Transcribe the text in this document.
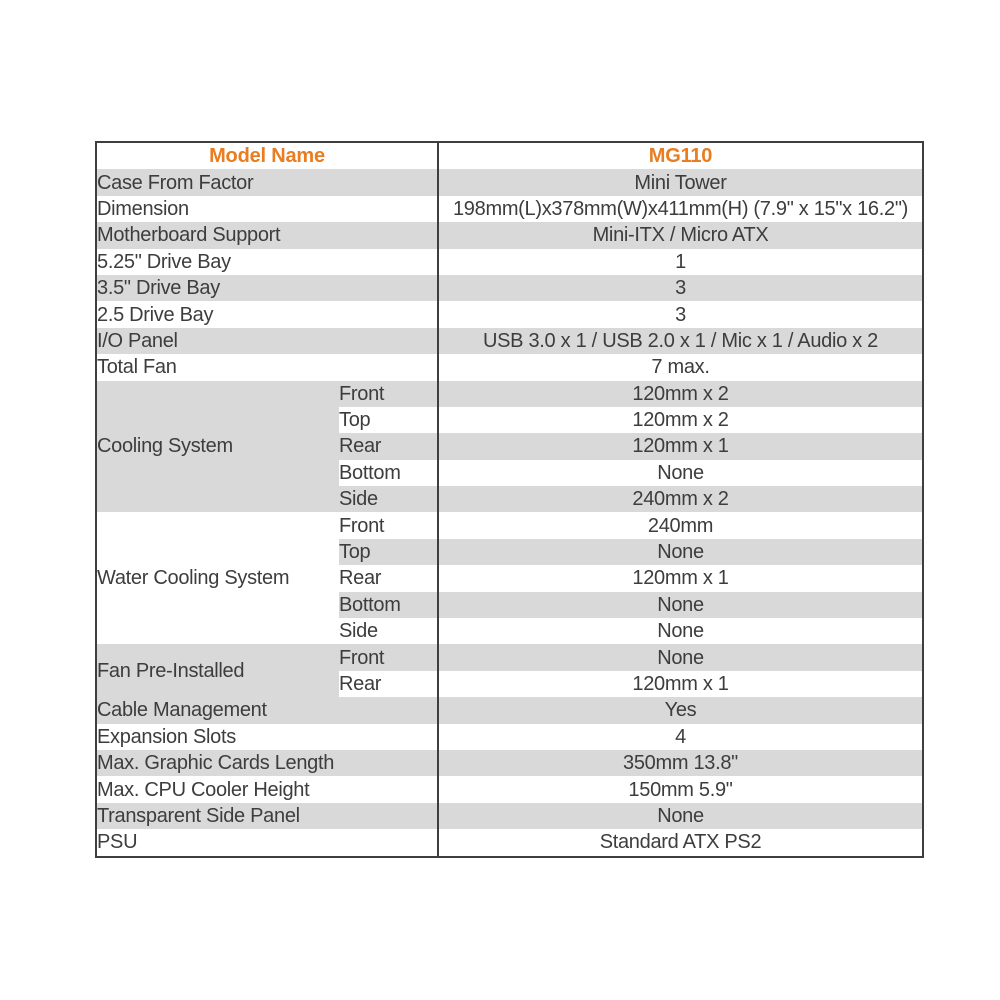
Model Name		MG110
Case From Factor		Mini Tower
Dimension		198mm(L)x378mm(W)x411mm(H) (7.9" x 15"x 16.2")
Motherboard Support		Mini-ITX / Micro ATX
5.25" Drive Bay		1
3.5" Drive Bay		3
2.5 Drive Bay		3
I/O Panel		USB 3.0 x 1 / USB 2.0 x 1 / Mic x 1 / Audio x 2
Total Fan		7 max.
Cooling System	Front	120mm x 2
	Top	120mm x 2
	Rear	120mm x 1
	Bottom	None
	Side	240mm x 2
Water Cooling System	Front	240mm
	Top	None
	Rear	120mm x 1
	Bottom	None
	Side	None
Fan Pre-Installed	Front	None
	Rear	120mm x 1
Cable Management		Yes
Expansion Slots		4
Max. Graphic Cards Length		350mm 13.8"
Max. CPU Cooler Height		150mm 5.9"
Transparent Side Panel		None
PSU		Standard ATX PS2
